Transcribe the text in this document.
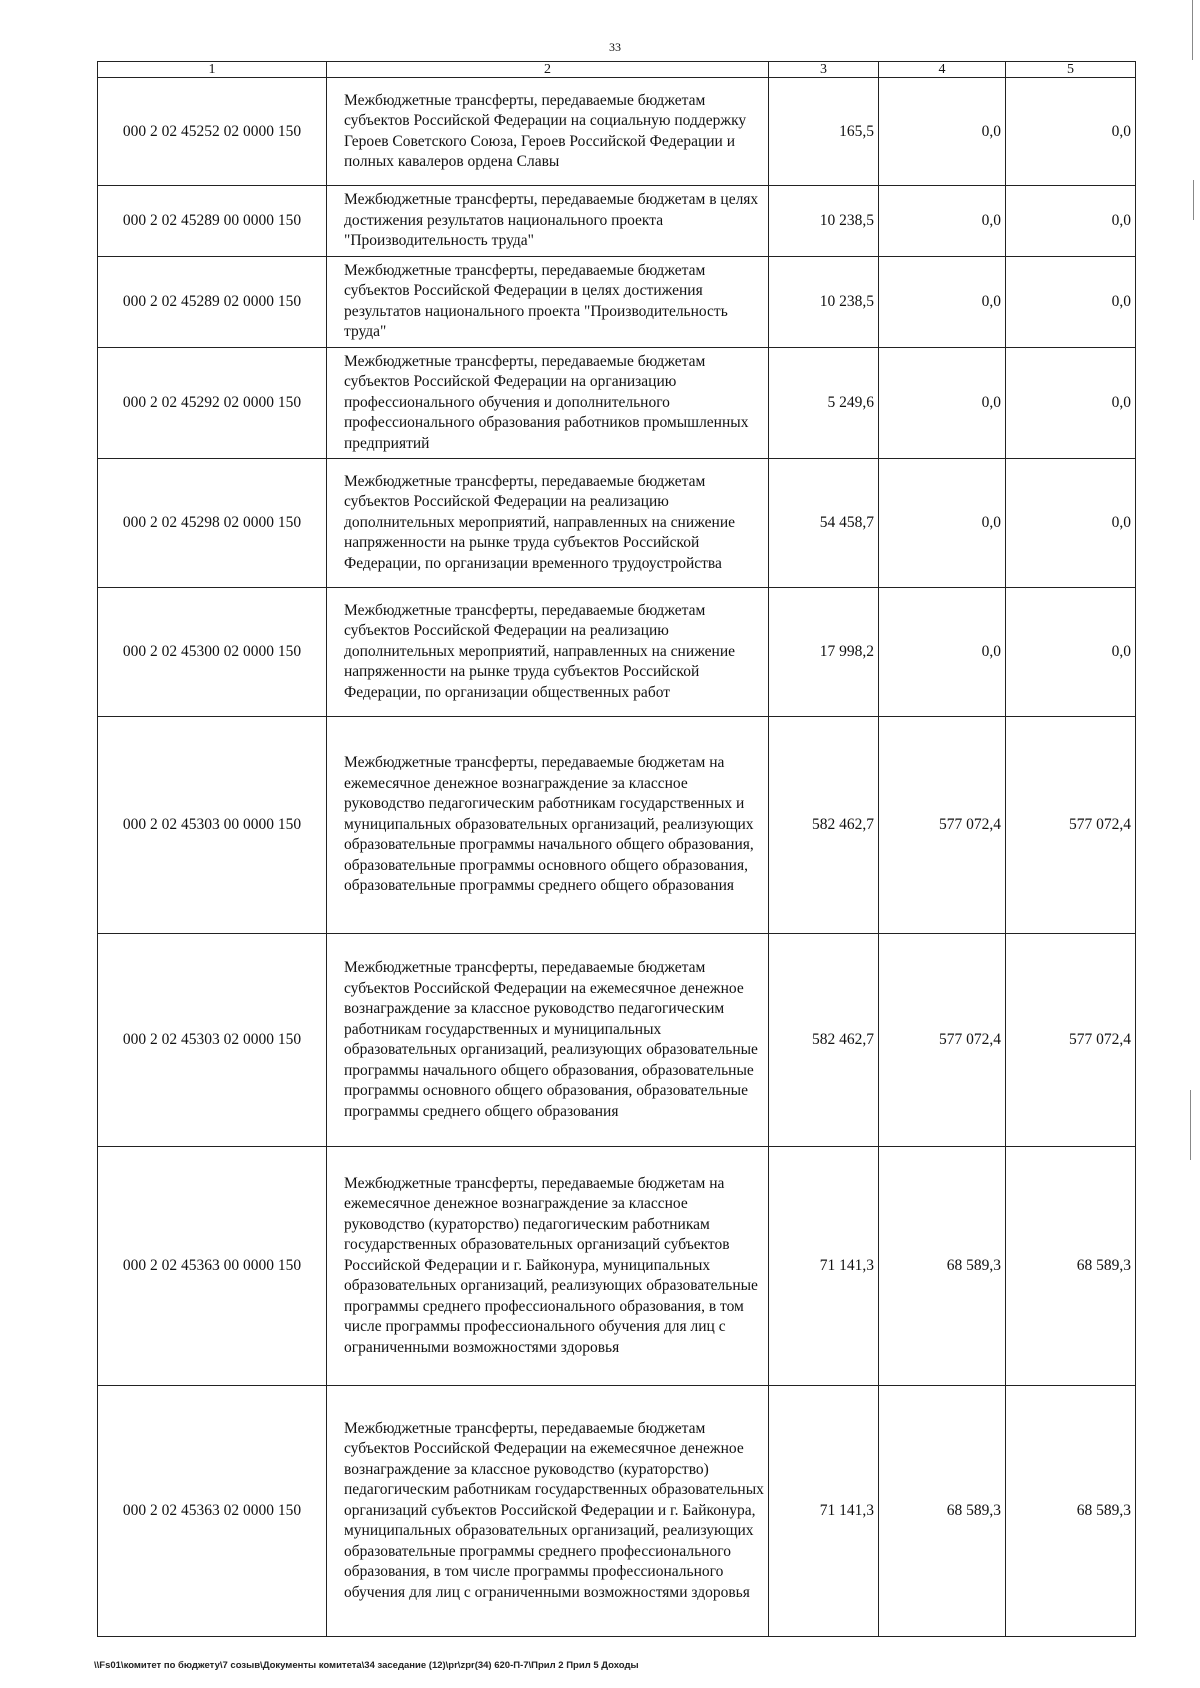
33
1	2	3	4	5
000 2 02 45252 02 0000 150	Межбюджетные трансферты, передаваемые бюджетам субъектов Российской Федерации на социальную поддержку Героев Советского Союза, Героев Российской Федерации и полных кавалеров ордена Славы	165,5	0,0	0,0
000 2 02 45289 00 0000 150	Межбюджетные трансферты, передаваемые бюджетам в целях достижения результатов национального проекта "Производительность труда"	10 238,5	0,0	0,0
000 2 02 45289 02 0000 150	Межбюджетные трансферты, передаваемые бюджетам субъектов Российской Федерации в целях достижения результатов национального проекта "Производительность труда"	10 238,5	0,0	0,0
000 2 02 45292 02 0000 150	Межбюджетные трансферты, передаваемые бюджетам субъектов Российской Федерации на организацию профессионального обучения и дополнительного профессионального образования работников промышленных предприятий	5 249,6	0,0	0,0
000 2 02 45298 02 0000 150	Межбюджетные трансферты, передаваемые бюджетам субъектов Российской Федерации на реализацию дополнительных мероприятий, направленных на снижение напряженности на рынке труда субъектов Российской Федерации, по организации временного трудоустройства	54 458,7	0,0	0,0
000 2 02 45300 02 0000 150	Межбюджетные трансферты, передаваемые бюджетам субъектов Российской Федерации на реализацию дополнительных мероприятий, направленных на снижение напряженности на рынке труда субъектов Российской Федерации, по организации общественных работ	17 998,2	0,0	0,0
000 2 02 45303 00 0000 150	Межбюджетные трансферты, передаваемые бюджетам на ежемесячное денежное вознаграждение за классное руководство педагогическим работникам государственных и муниципальных образовательных организаций, реализующих образовательные программы начального общего образования, образовательные программы основного общего образования, образовательные программы среднего общего образования	582 462,7	577 072,4	577 072,4
000 2 02 45303 02 0000 150	Межбюджетные трансферты, передаваемые бюджетам субъектов Российской Федерации на ежемесячное денежное вознаграждение за классное руководство педагогическим работникам государственных и муниципальных образовательных организаций, реализующих образовательные программы начального общего образования, образовательные программы основного общего образования, образовательные программы среднего общего образования	582 462,7	577 072,4	577 072,4
000 2 02 45363 00 0000 150	Межбюджетные трансферты, передаваемые бюджетам на ежемесячное денежное вознаграждение за классное руководство (кураторство) педагогическим работникам государственных образовательных организаций субъектов Российской Федерации и г. Байконура, муниципальных образовательных организаций, реализующих образовательные программы среднего профессионального образования, в том числе программы профессионального обучения для лиц с ограниченными возможностями здоровья	71 141,3	68 589,3	68 589,3
000 2 02 45363 02 0000 150	Межбюджетные трансферты, передаваемые бюджетам субъектов Российской Федерации на ежемесячное денежное вознаграждение за классное руководство (кураторство) педагогическим работникам государственных образовательных организаций субъектов Российской Федерации и г. Байконура, муниципальных образовательных организаций, реализующих образовательные программы среднего профессионального образования, в том числе программы профессионального обучения для лиц с ограниченными возможностями здоровья	71 141,3	68 589,3	68 589,3
\\Fs01\комитет по бюджету\7 созыв\Документы комитета\34 заседание (12)\pr\zpr(34) 620-П-7\Прил 2 Прил 5 Доходы
